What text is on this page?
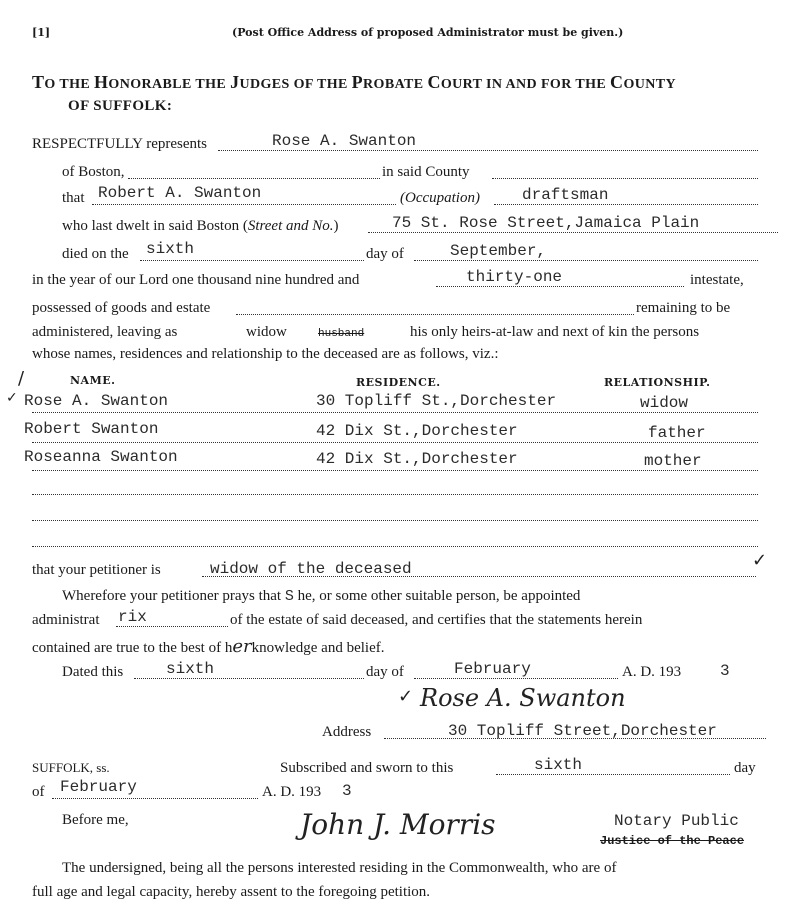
[1]	(Post Office Address of proposed Administrator must be given.)
TO THE HONORABLE THE JUDGES OF THE PROBATE COURT IN AND FOR THE COUNTY
OF SUFFOLK:
RESPECTFULLY represents	Rose A. Swanton
of Boston,	in said County
that Robert A. Swanton	(Occupation)	draftsman
who last dwelt in said Boston (Street and No.)	75 St. Rose Street,Jamaica Plain
died on the sixth	day of	September,
in the year of our Lord one thousand nine hundred and	thirty-one	intestate,
possessed of goods and estate	remaining to be
administered, leaving as	widow	husband	his only heirs-at-law and next of kin the persons
whose names, residences and relationship to the deceased are as follows, viz.:
/	NAME.	RESIDENCE.	RELATIONSHIP.
✓ Rose A. Swanton	30 Topliff St.,Dorchester	widow
Robert Swanton	42 Dix St.,Dorchester	father
Roseanna Swanton	42 Dix St.,Dorchester	mother
that your petitioner is	widow of the deceased	✓
Wherefore your petitioner prays that S he, or some other suitable person, be appointed
administrat rix	of the estate of said deceased, and certifies that the statements herein
contained are true to the best of herknowledge and belief.
Dated this	sixth	day of	February	A. D. 193 3
✓ Rose A. Swanton
Address	30 Topliff Street,Dorchester
SUFFOLK, ss.	Subscribed and sworn to this	sixth	day
of February	A. D. 193 3
Before me,	John J. Morris	Notary Public
Justice of the Peace
The undersigned, being all the persons interested residing in the Commonwealth, who are of
full age and legal capacity, hereby assent to the foregoing petition.
